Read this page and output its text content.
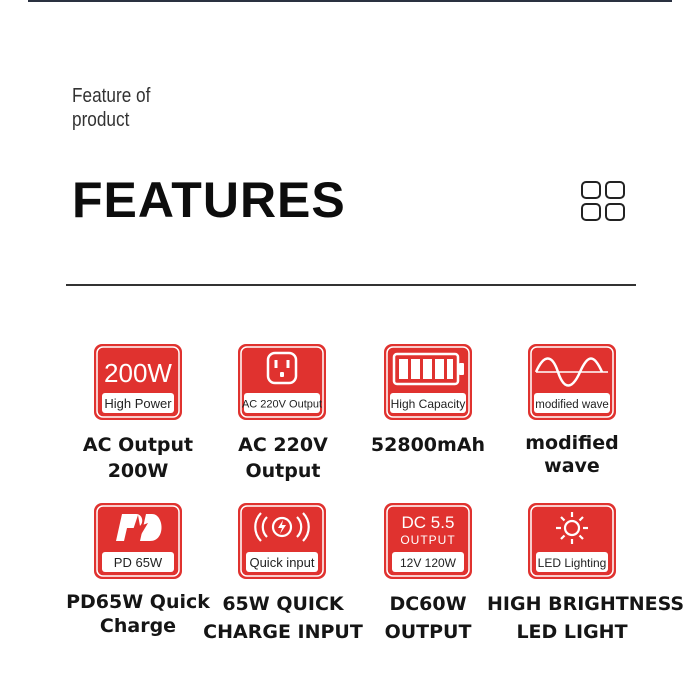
Feature of
product
FEATURES
200W
High Power
AC Output
200W
AC 220V Output
AC 220V
Output
High Capacity
52800mAh
modified wave
modified
wave
PD 65W
PD65W Quick
Charge
Quick input
65W QUICK
CHARGE INPUT
DC 5.5
OUTPUT
12V 120W
DC60W
OUTPUT
LED Lighting
HIGH BRIGHTNESS
LED LIGHT
